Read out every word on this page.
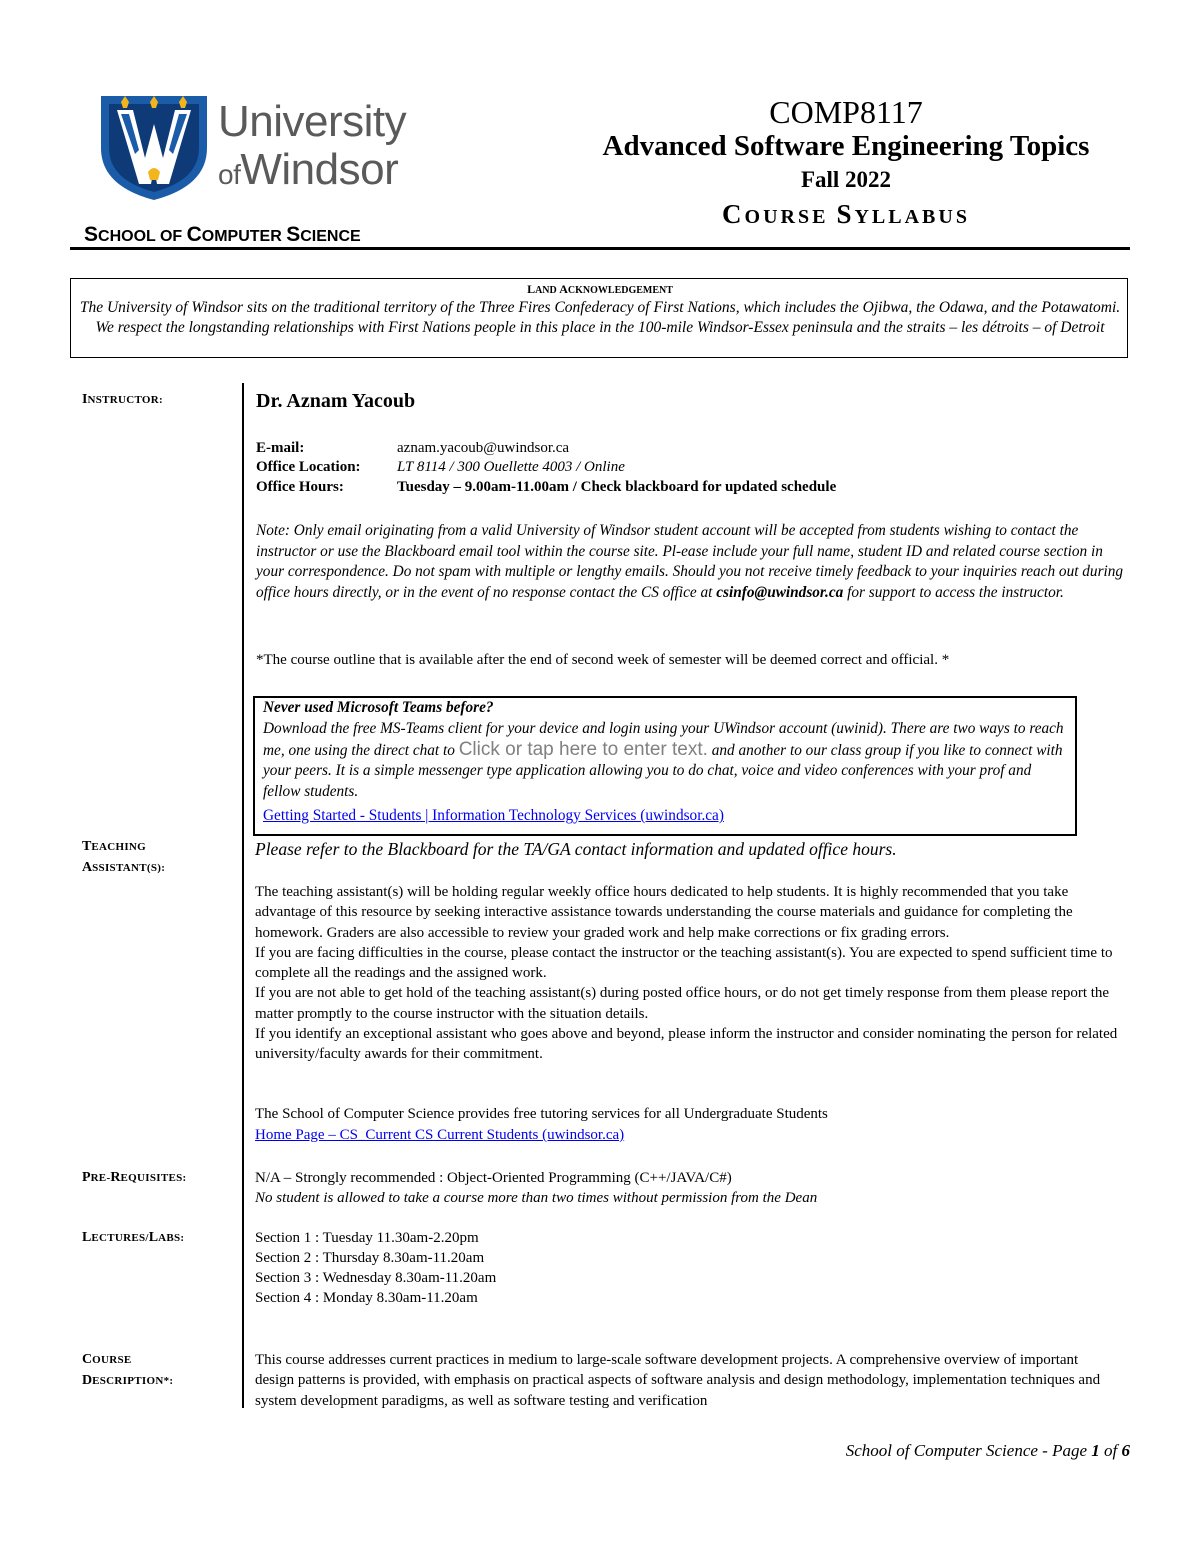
University
ofWindsor
SCHOOL OF COMPUTER SCIENCE
COMP8117
Advanced Software Engineering Topics
Fall 2022
COURSE SYLLABUS
LAND ACKNOWLEDGEMENT
The University of Windsor sits on the traditional territory of the Three Fires Confederacy of First Nations, which includes the Ojibwa, the Odawa, and the Potawatomi. We respect the longstanding relationships with First Nations people in this place in the 100-mile Windsor-Essex peninsula and the straits – les détroits – of Detroit
INSTRUCTOR:
TEACHING
ASSISTANT(S):
PRE-REQUISITES:
LECTURES/LABS:
COURSE
DESCRIPTION*:
Dr. Aznam Yacoub
E-mail:	aznam.yacoub@uwindsor.ca
Office Location: LT 8114 / 300 Ouellette 4003 / Online
Office Hours:	Tuesday – 9.00am-11.00am / Check blackboard for updated schedule
Note: Only email originating from a valid University of Windsor student account will be accepted from students wishing to contact the instructor or use the Blackboard email tool within the course site. Pl-ease include your full name, student ID and related course section in your correspondence. Do not spam with multiple or lengthy emails. Should you not receive timely feedback to your inquiries reach out during office hours directly, or in the event of no response contact the CS office at csinfo@uwindsor.ca for support to access the instructor.
*The course outline that is available after the end of second week of semester will be deemed correct and official. *
Never used Microsoft Teams before?
Download the free MS-Teams client for your device and login using your UWindsor account (uwinid). There are two ways to reach me, one using the direct chat to Click or tap here to enter text. and another to our class group if you like to connect with your peers. It is a simple messenger type application allowing you to do chat, voice and video conferences with your prof and fellow students.
Getting Started - Students | Information Technology Services (uwindsor.ca)
Please refer to the Blackboard for the TA/GA contact information and updated office hours.

The teaching assistant(s) will be holding regular weekly office hours dedicated to help students. It is highly recommended that you take advantage of this resource by seeking interactive assistance towards understanding the course materials and guidance for completing the homework. Graders are also accessible to review your graded work and help make corrections or fix grading errors.

If you are facing difficulties in the course, please contact the instructor or the teaching assistant(s). You are expected to spend sufficient time to complete all the readings and the assigned work.

If you are not able to get hold of the teaching assistant(s) during posted office hours, or do not get timely response from them please report the matter promptly to the course instructor with the situation details.

If you identify an exceptional assistant who goes above and beyond, please inform the instructor and consider nominating the person for related university/faculty awards for their commitment.

The School of Computer Science provides free tutoring services for all Undergraduate Students
Home Page – CS_Current CS Current Students (uwindsor.ca)
N/A – Strongly recommended : Object-Oriented Programming (C++/JAVA/C#)
No student is allowed to take a course more than two times without permission from the Dean
Section 1 : Tuesday 11.30am-2.20pm
Section 2 : Thursday 8.30am-11.20am
Section 3 : Wednesday 8.30am-11.20am
Section 4 : Monday 8.30am-11.20am
This course addresses current practices in medium to large-scale software development projects. A comprehensive overview of important design patterns is provided, with emphasis on practical aspects of software analysis and design methodology, implementation techniques and system development paradigms, as well as software testing and verification
School of Computer Science - Page 1 of 6
